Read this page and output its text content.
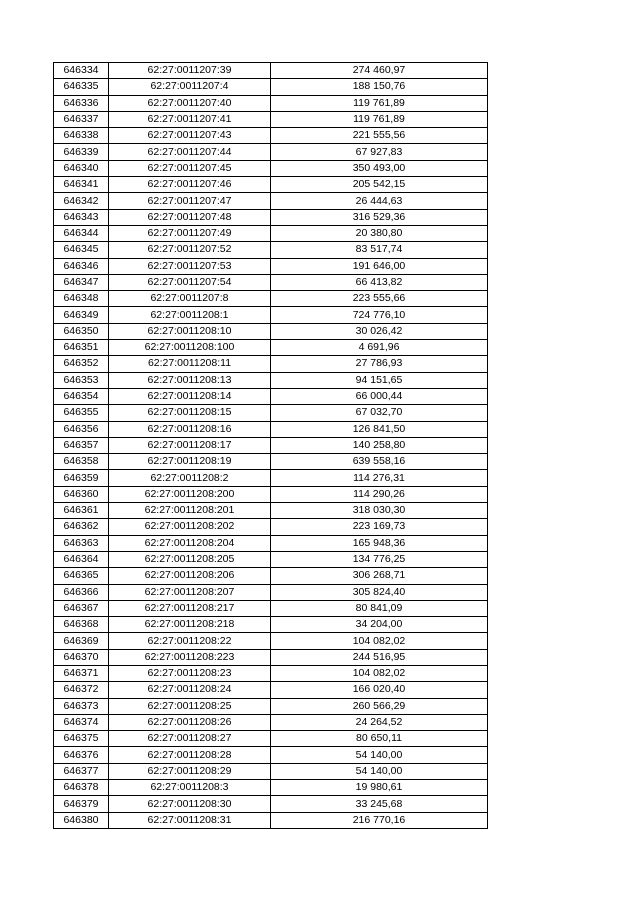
646334	62:27:0011207:39	274 460,97
646335	62:27:0011207:4	188 150,76
646336	62:27:0011207:40	119 761,89
646337	62:27:0011207:41	119 761,89
646338	62:27:0011207:43	221 555,56
646339	62:27:0011207:44	67 927,83
646340	62:27:0011207:45	350 493,00
646341	62:27:0011207:46	205 542,15
646342	62:27:0011207:47	26 444,63
646343	62:27:0011207:48	316 529,36
646344	62:27:0011207:49	20 380,80
646345	62:27:0011207:52	83 517,74
646346	62:27:0011207:53	191 646,00
646347	62:27:0011207:54	66 413,82
646348	62:27:0011207:8	223 555,66
646349	62:27:0011208:1	724 776,10
646350	62:27:0011208:10	30 026,42
646351	62:27:0011208:100	4 691,96
646352	62:27:0011208:11	27 786,93
646353	62:27:0011208:13	94 151,65
646354	62:27:0011208:14	66 000,44
646355	62:27:0011208:15	67 032,70
646356	62:27:0011208:16	126 841,50
646357	62:27:0011208:17	140 258,80
646358	62:27:0011208:19	639 558,16
646359	62:27:0011208:2	114 276,31
646360	62:27:0011208:200	114 290,26
646361	62:27:0011208:201	318 030,30
646362	62:27:0011208:202	223 169,73
646363	62:27:0011208:204	165 948,36
646364	62:27:0011208:205	134 776,25
646365	62:27:0011208:206	306 268,71
646366	62:27:0011208:207	305 824,40
646367	62:27:0011208:217	80 841,09
646368	62:27:0011208:218	34 204,00
646369	62:27:0011208:22	104 082,02
646370	62:27:0011208:223	244 516,95
646371	62:27:0011208:23	104 082,02
646372	62:27:0011208:24	166 020,40
646373	62:27:0011208:25	260 566,29
646374	62:27:0011208:26	24 264,52
646375	62:27:0011208:27	80 650,11
646376	62:27:0011208:28	54 140,00
646377	62:27:0011208:29	54 140,00
646378	62:27:0011208:3	19 980,61
646379	62:27:0011208:30	33 245,68
646380	62:27:0011208:31	216 770,16
